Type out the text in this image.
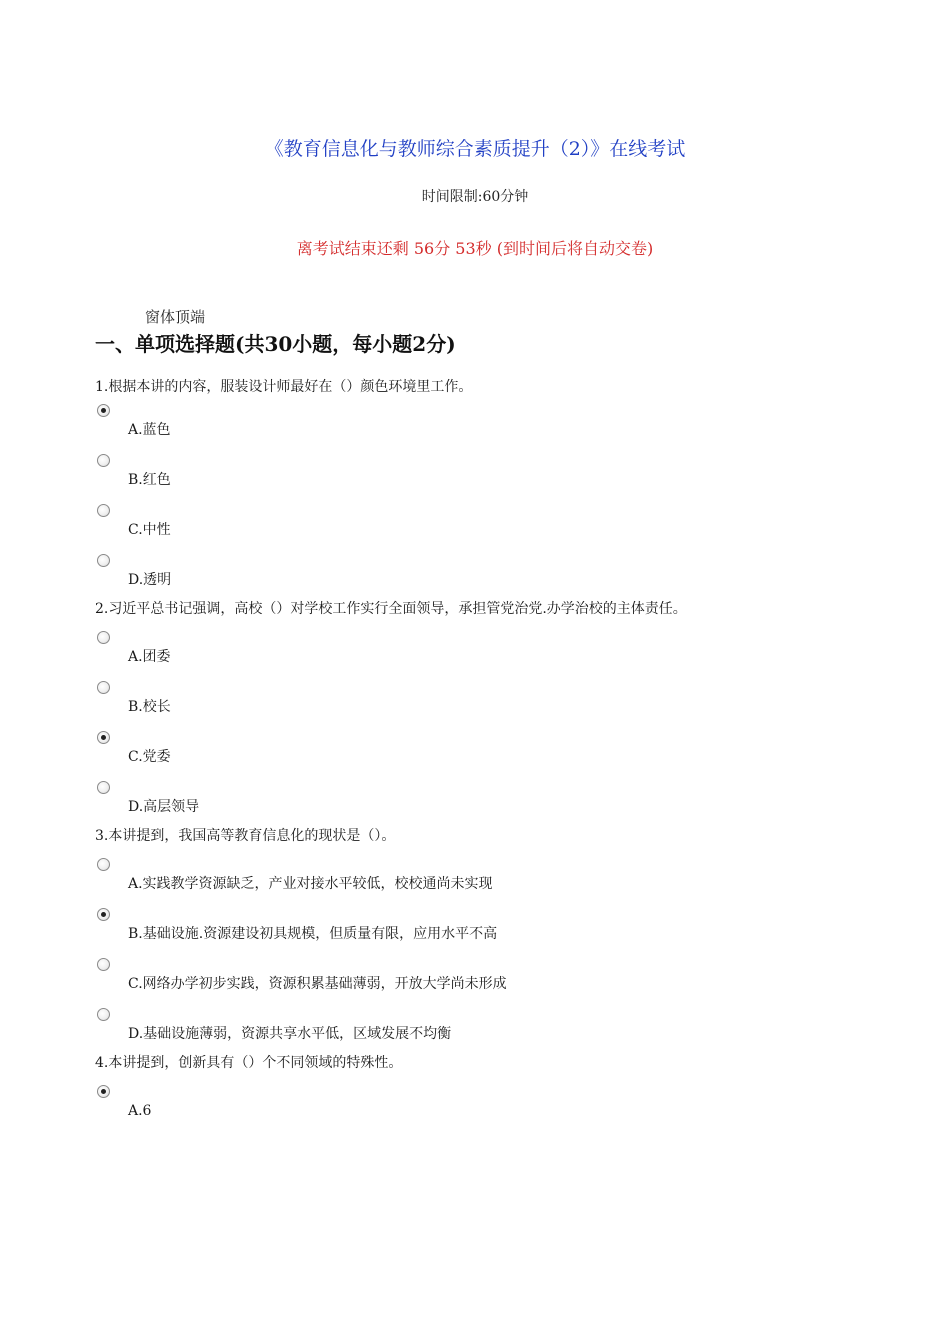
《教育信息化与教师综合素质提升（2）》在线考试
时间限制:60分钟
离考试结束还剩 56分 53秒 (到时间后将自动交卷)
窗体顶端
一、单项选择题(共30小题，每小题2分)
1.根据本讲的内容，服装设计师最好在（）颜色环境里工作。
A.蓝色
B.红色
C.中性
D.透明
2.习近平总书记强调，高校（）对学校工作实行全面领导，承担管党治党.办学治校的主体责任。
A.团委
B.校长
C.党委
D.高层领导
3.本讲提到，我国高等教育信息化的现状是（）。
A.实践教学资源缺乏，产业对接水平较低，校校通尚未实现
B.基础设施.资源建设初具规模，但质量有限，应用水平不高
C.网络办学初步实践，资源积累基础薄弱，开放大学尚未形成
D.基础设施薄弱，资源共享水平低，区域发展不均衡
4.本讲提到，创新具有（）个不同领域的特殊性。
A.6
